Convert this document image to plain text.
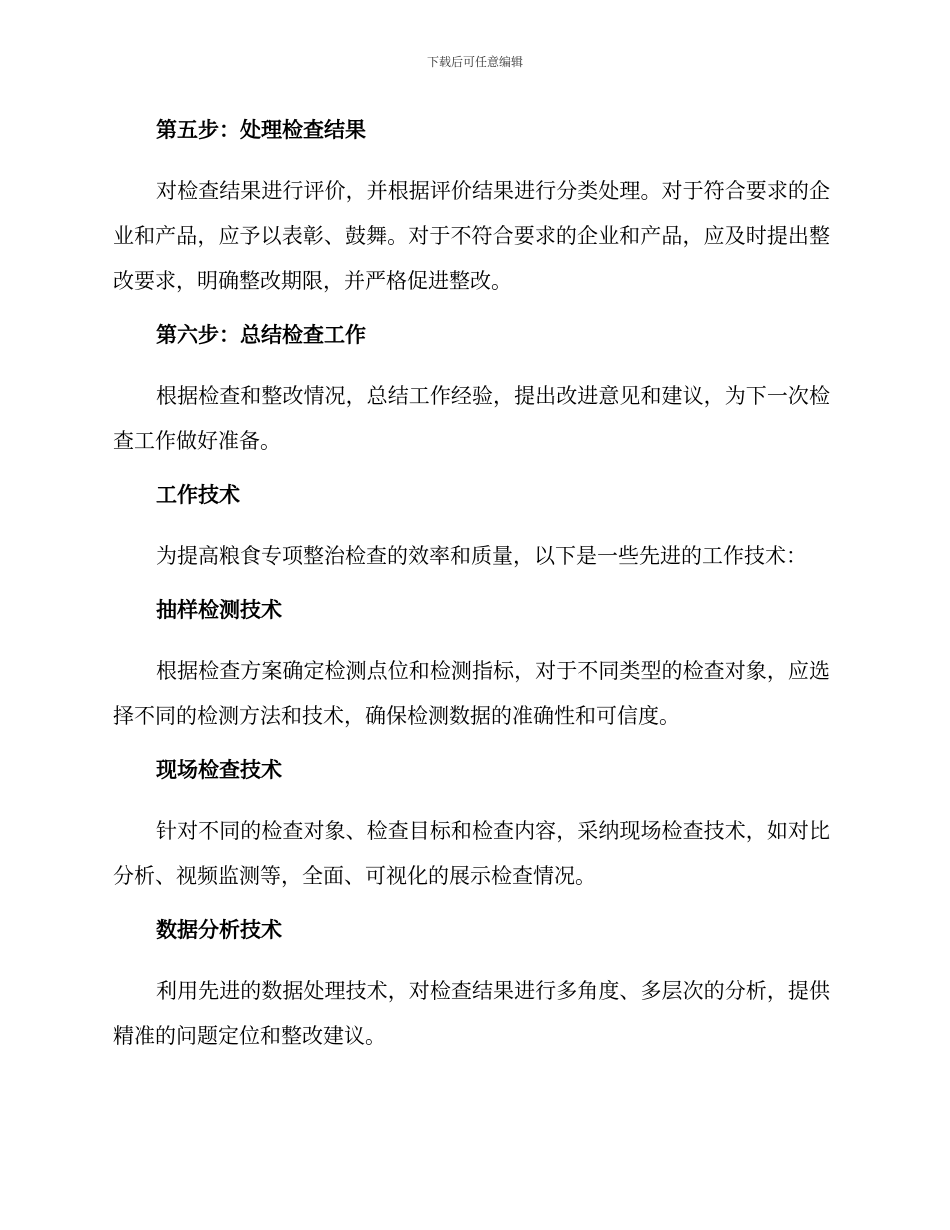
下载后可任意编辑
第五步：处理检查结果

对检查结果进行评价，并根据评价结果进行分类处理。对于符合要求的企业和产品，应予以表彰、鼓舞。对于不符合要求的企业和产品，应及时提出整改要求，明确整改期限，并严格促进整改。

第六步：总结检查工作

根据检查和整改情况，总结工作经验，提出改进意见和建议，为下一次检查工作做好准备。

工作技术

为提高粮食专项整治检查的效率和质量，以下是一些先进的工作技术：

抽样检测技术

根据检查方案确定检测点位和检测指标，对于不同类型的检查对象，应选择不同的检测方法和技术，确保检测数据的准确性和可信度。

现场检查技术

针对不同的检查对象、检查目标和检查内容，采纳现场检查技术，如对比分析、视频监测等，全面、可视化的展示检查情况。

数据分析技术

利用先进的数据处理技术，对检查结果进行多角度、多层次的分析，提供精准的问题定位和整改建议。
